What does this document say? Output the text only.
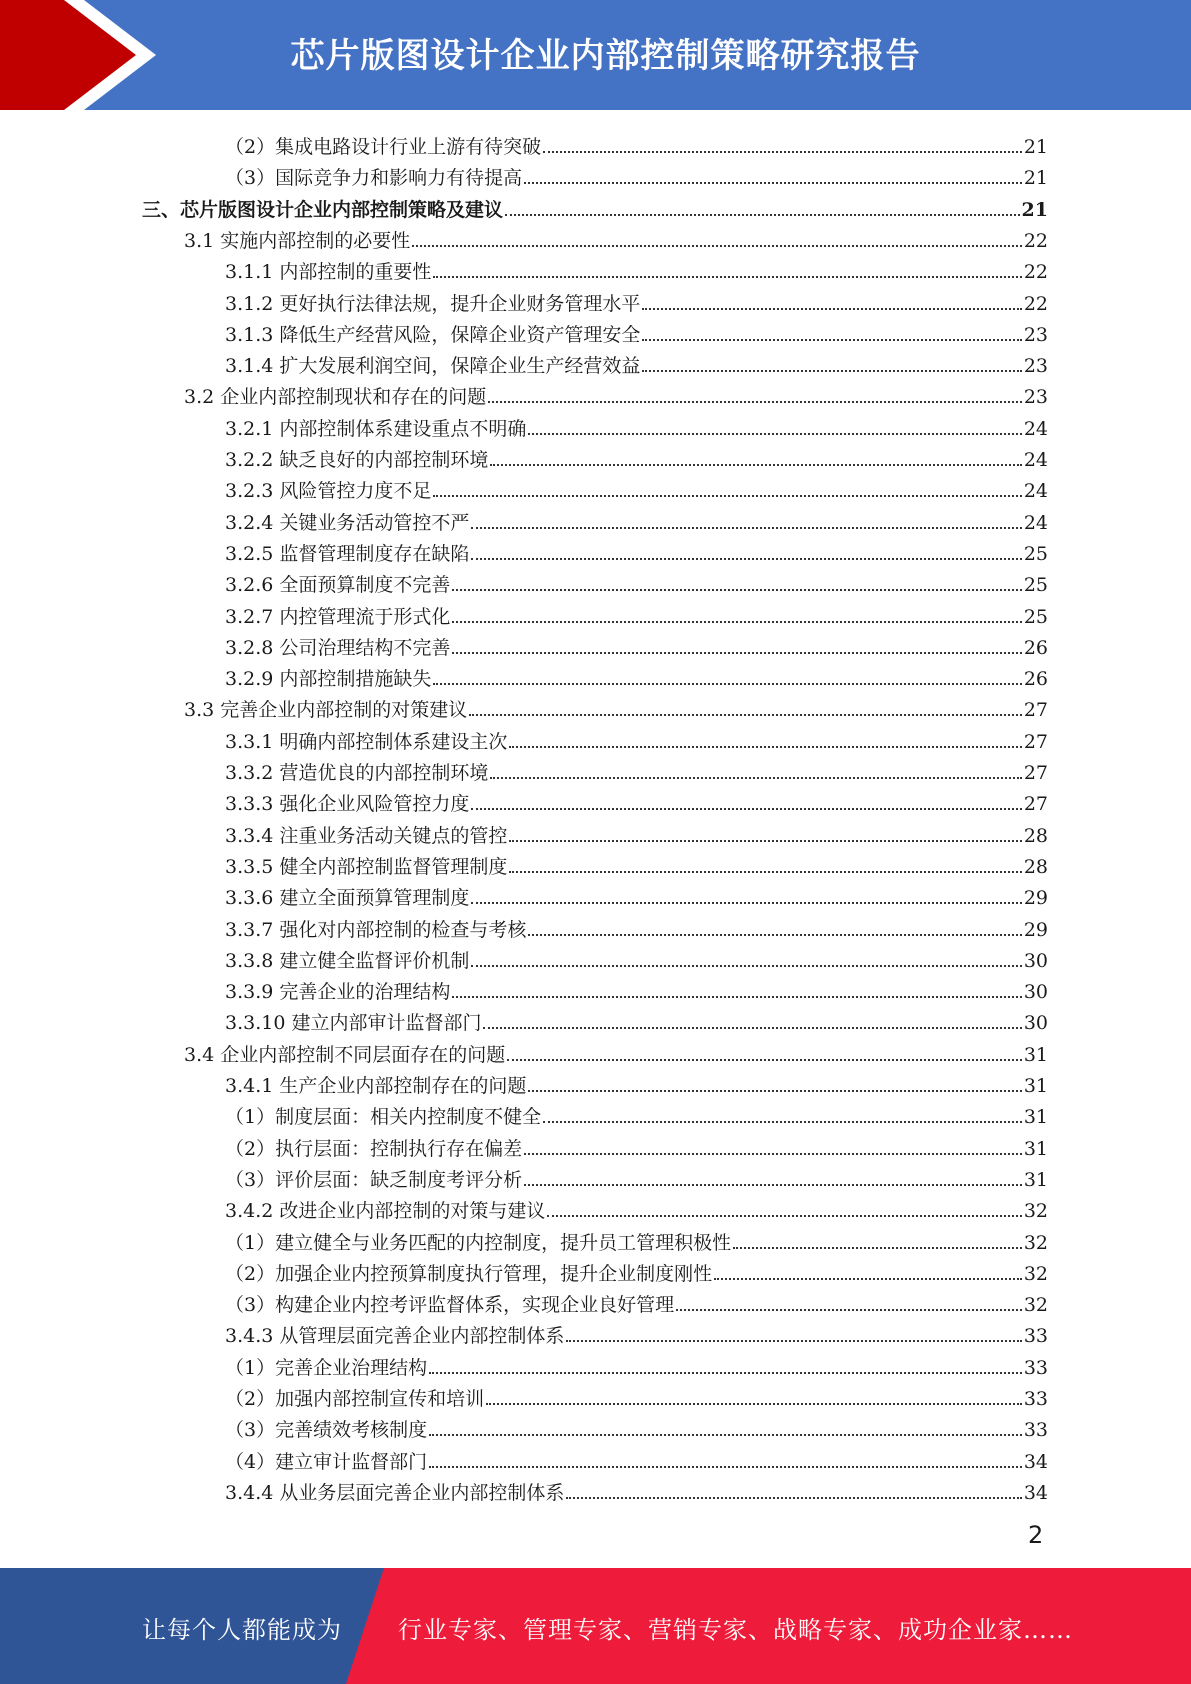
芯片版图设计企业内部控制策略研究报告
（2）集成电路设计行业上游有待突破	21
（3）国际竞争力和影响力有待提高	21
三、芯片版图设计企业内部控制策略及建议	21
3.1 实施内部控制的必要性	22
3.1.1 内部控制的重要性	22
3.1.2 更好执行法律法规，提升企业财务管理水平	22
3.1.3 降低生产经营风险，保障企业资产管理安全	23
3.1.4 扩大发展利润空间，保障企业生产经营效益	23
3.2 企业内部控制现状和存在的问题	23
3.2.1 内部控制体系建设重点不明确	24
3.2.2 缺乏良好的内部控制环境	24
3.2.3 风险管控力度不足	24
3.2.4 关键业务活动管控不严	24
3.2.5 监督管理制度存在缺陷	25
3.2.6 全面预算制度不完善	25
3.2.7 内控管理流于形式化	25
3.2.8 公司治理结构不完善	26
3.2.9 内部控制措施缺失	26
3.3 完善企业内部控制的对策建议	27
3.3.1 明确内部控制体系建设主次	27
3.3.2 营造优良的内部控制环境	27
3.3.3 强化企业风险管控力度	27
3.3.4 注重业务活动关键点的管控	28
3.3.5 健全内部控制监督管理制度	28
3.3.6 建立全面预算管理制度	29
3.3.7 强化对内部控制的检查与考核	29
3.3.8 建立健全监督评价机制	30
3.3.9 完善企业的治理结构	30
3.3.10 建立内部审计监督部门	30
3.4 企业内部控制不同层面存在的问题	31
3.4.1 生产企业内部控制存在的问题	31
（1）制度层面：相关内控制度不健全	31
（2）执行层面：控制执行存在偏差	31
（3）评价层面：缺乏制度考评分析	31
3.4.2 改进企业内部控制的对策与建议	32
（1）建立健全与业务匹配的内控制度，提升员工管理积极性	32
（2）加强企业内控预算制度执行管理，提升企业制度刚性	32
（3）构建企业内控考评监督体系，实现企业良好管理	32
3.4.3 从管理层面完善企业内部控制体系	33
（1）完善企业治理结构	33
（2）加强内部控制宣传和培训	33
（3）完善绩效考核制度	33
（4）建立审计监督部门	34
3.4.4 从业务层面完善企业内部控制体系	34
2
让每个人都能成为 行业专家、管理专家、营销专家、战略专家、成功企业家……
